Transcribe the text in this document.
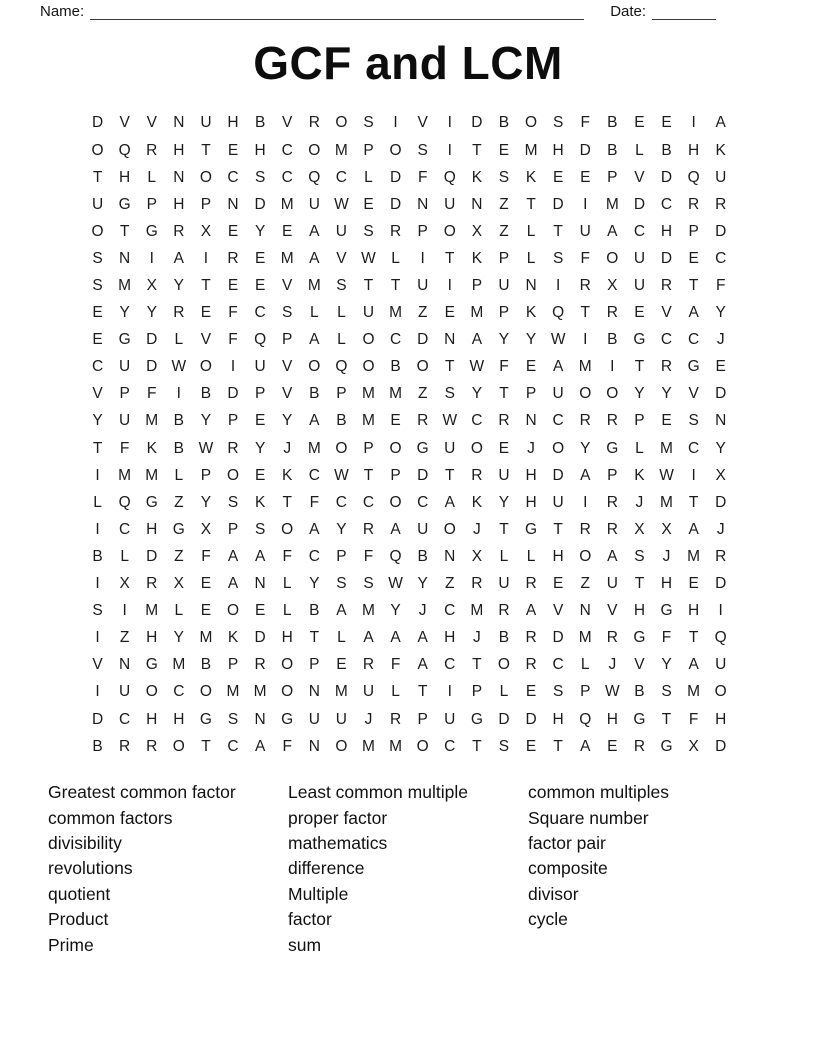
Name:	Date:
GCF and LCM
D	V	V	N	U	H	B	V	R O	S	I	V	I	D	B	O	S	F	B	E	E	I	A
O Q R	H	T	E	H	C O M P	O	S	I	T	E M H	D	B	L	B	H	K
T	H	L	N O C	S	C Q C	L	D	F	Q	K	S	K	E	E	P	V	D Q U
U G	P	H	P	N	D M U W E	D	N	U	N	Z	T	D	I	M D	C	R	R
O	T	G R	X	E	Y	E	A	U	S	R	P	O	X	Z	L	T	U	A	C	H	P	D
S	N	I	A	I	R	E M A	V W L	I	T	K	P	L	S	F	O U	D	E	C
S M X	Y	T	E	E	V M S	T	T	U	I	P	U	N	I	R	X	U	R	T	F
E	Y	Y	R	E	F	C	S	L	L	U M	Z	E M P	K	Q	T	R	E	V	A	Y
E	G D	L	V	F	Q	P	A	L	O C	D	N	A	Y	Y W	I	B	G C	C	J
C	U	D W O	I	U	V	O Q O	B	O	T W F	E	A M	I	T	R G	E
V	P	F	I	B	D	P	V	B	P M M	Z	S	Y	T	P	U O O	Y	Y	V	D
Y	U M B	Y	P	E	Y	A	B M E	R W C	R	N	C	R	R	P	E	S	N
T	F	K	B W R	Y	J	M O	P	O G U O	E	J	O	Y	G	L	M C	Y
I	M M	L	P	O	E	K	C W T	P	D	T	R	U	H	D	A	P	K W	I	X
L	Q G	Z	Y	S	K	T	F	C	C O C	A	K	Y	H	U	I	R	J	M	T	D
I	C	H G	X	P	S	O	A	Y	R	A	U O	J	T	G	T	R	R	X	X	A	J
B	L	D	Z	F	A	A	F	C	P	F	Q	B	N	X	L	L	H O	A	S	J	M R
I	X	R	X	E	A	N	L	Y	S	S W Y	Z	R	U	R	E	Z	U	T	H	E	D
S	I	M	L	E	O	E	L	B	A M Y	J	C M R	A	V	N	V	H G H	I
I	Z	H	Y M K	D	H	T	L	A	A	A	H	J	B	R	D M R G	F	T	Q
V	N G M B	P	R O	P	E	R	F	A	C	T	O R	C	L	J	V	Y	A	U
I	U O C O M M O N M U	L	T	I	P	L	E	S	P W B	S M O
D	C	H	H G	S	N G U	U	J	R	P	U G D	D	H Q H G	T	F	H
B	R	R O	T	C	A	F	N O M M O C	T	S	E	T	A	E	R G	X	D
Greatest common factor
common factors
divisibility
revolutions
quotient
Product
Prime
Least common multiple
proper factor
mathematics
difference
Multiple
factor
sum
common multiples
Square number
factor pair
composite
divisor
cycle
